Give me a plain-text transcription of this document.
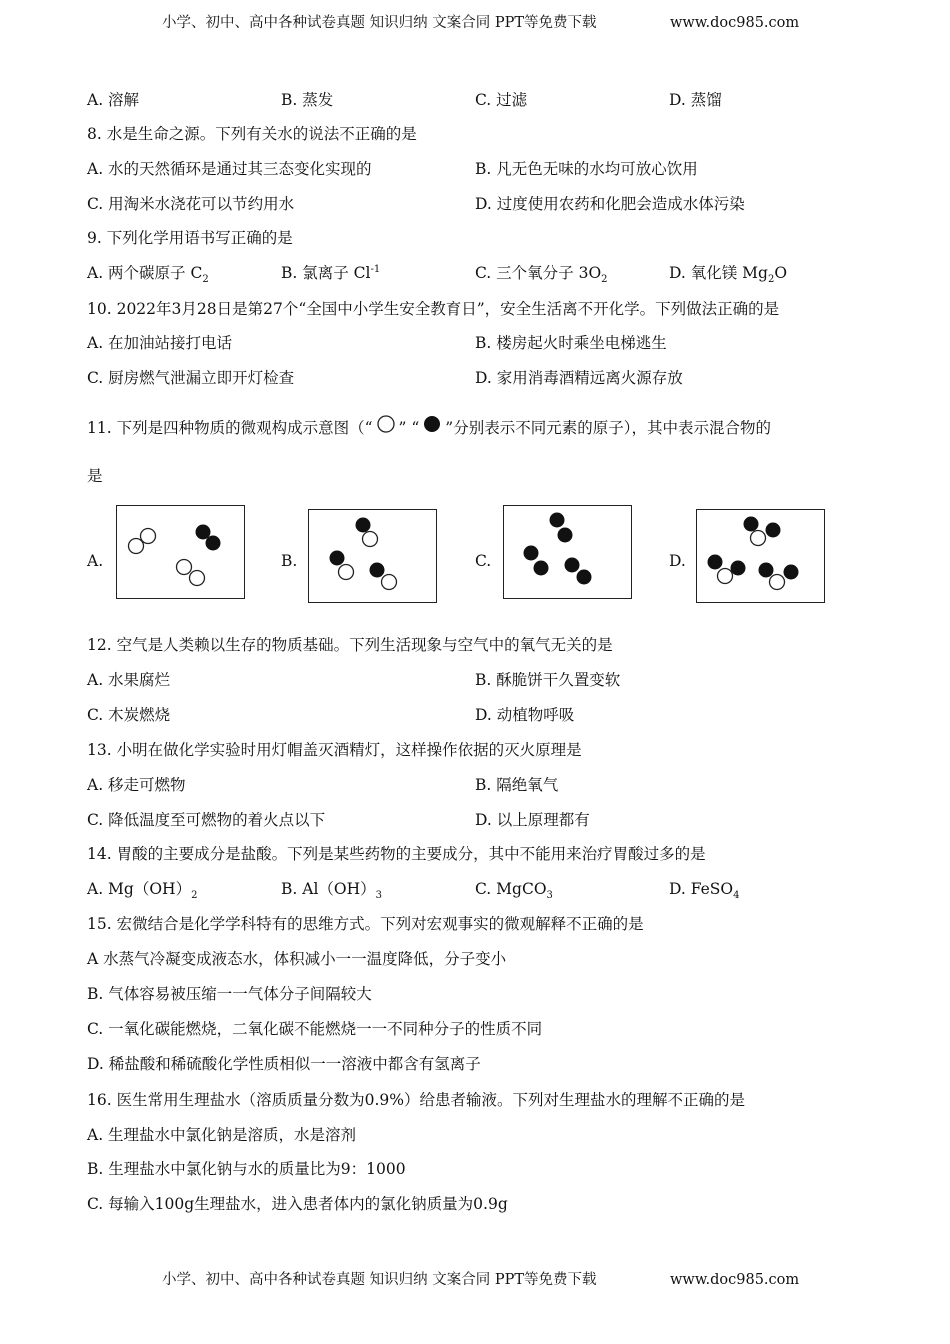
小学、初中、高中各种试卷真题 知识归纳 文案合同 PPT等免费下载	www.doc985.com
A. 溶解	B. 蒸发	C. 过滤	D. 蒸馏
8. 水是生命之源。下列有关水的说法不正确的是
A. 水的天然循环是通过其三态变化实现的	B. 凡无色无味的水均可放心饮用
C. 用淘米水浇花可以节约用水	D. 过度使用农药和化肥会造成水体污染
9. 下列化学用语书写正确的是
A. 两个碳原子 $C_2$	B. 氯离子 $Cl^{-1}$	C. 三个氧分子 $3O_2$	D. 氧化镁 $Mg_2O$
10. 2022年3月28日是第27个“全国中小学生安全教育日”，安全生活离不开化学。下列做法正确的是
A. 在加油站接打电话	B. 楼房起火时乘坐电梯逃生
C. 厨房燃气泄漏立即开灯检查	D. 家用消毒酒精远离火源存放
11. 下列是四种物质的微观构成示意图（“ ” “ ”分别表示不同元素的原子），其中表示混合物的
是
A.	B.	C.	D.
12. 空气是人类赖以生存的物质基础。下列生活现象与空气中的氧气无关的是
A. 水果腐烂	B. 酥脆饼干久置变软
C. 木炭燃烧	D. 动植物呼吸
13. 小明在做化学实验时用灯帽盖灭酒精灯，这样操作依据的灭火原理是
A. 移走可燃物	B. 隔绝氧气
C. 降低温度至可燃物的着火点以下	D. 以上原理都有
14. 胃酸的主要成分是盐酸。下列是某些药物的主要成分，其中不能用来治疗胃酸过多的是
A. $Mg(OH)_2$	B. $Al(OH)_3$	C. MgCO$_3$	D. FeSO$_4$
15. 宏微结合是化学学科特有的思维方式。下列对宏观事实的微观解释不正确的是
A 水蒸气冷凝变成液态水，体积减小一一温度降低，分子变小
B. 气体容易被压缩一一气体分子间隔较大
C. 一氧化碳能燃烧，二氧化碳不能燃烧一一不同种分子的性质不同
D. 稀盐酸和稀硫酸化学性质相似一一溶液中都含有氢离子
16. 医生常用生理盐水（溶质质量分数为0.9%）给患者输液。下列对生理盐水的理解不正确的是
A. 生理盐水中氯化钠是溶质，水是溶剂
B. 生理盐水中氯化钠与水的质量比为9：1000
C. 每输入100g生理盐水，进入患者体内的氯化钠质量为0.9g
小学、初中、高中各种试卷真题 知识归纳 文案合同 PPT等免费下载	www.doc985.com
